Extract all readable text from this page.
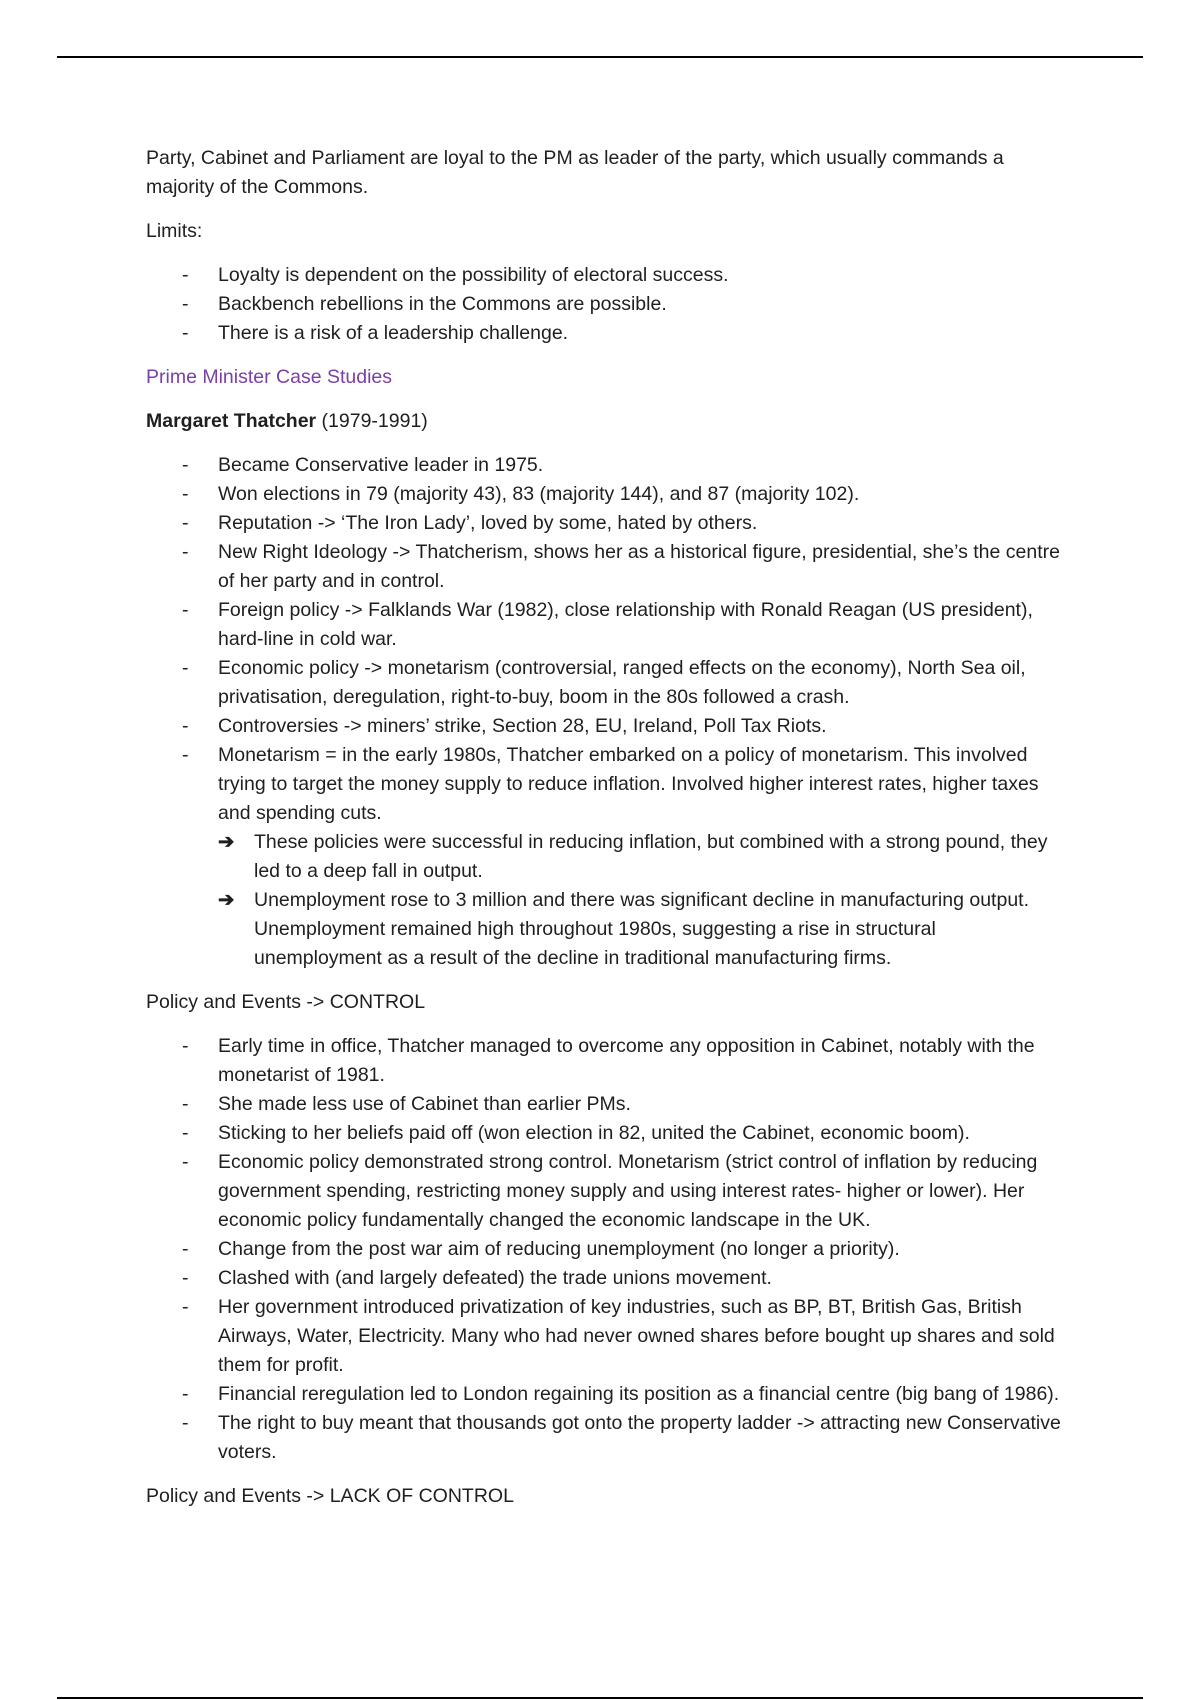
Party, Cabinet and Parliament are loyal to the PM as leader of the party, which usually commands a majority of the Commons.

Limits:

- Loyalty is dependent on the possibility of electoral success.
- Backbench rebellions in the Commons are possible.
- There is a risk of a leadership challenge.

Prime Minister Case Studies

Margaret Thatcher (1979-1991)

- Became Conservative leader in 1975.
- Won elections in 79 (majority 43), 83 (majority 144), and 87 (majority 102).
- Reputation -> ‘The Iron Lady’, loved by some, hated by others.
- New Right Ideology -> Thatcherism, shows her as a historical figure, presidential, she’s the centre of her party and in control.
- Foreign policy -> Falklands War (1982), close relationship with Ronald Reagan (US president), hard-line in cold war.
- Economic policy -> monetarism (controversial, ranged effects on the economy), North Sea oil, privatisation, deregulation, right-to-buy, boom in the 80s followed a crash.
- Controversies -> miners’ strike, Section 28, EU, Ireland, Poll Tax Riots.
- Monetarism = in the early 1980s, Thatcher embarked on a policy of monetarism. This involved trying to target the money supply to reduce inflation. Involved higher interest rates, higher taxes and spending cuts.
➔ These policies were successful in reducing inflation, but combined with a strong pound, they led to a deep fall in output.
➔ Unemployment rose to 3 million and there was significant decline in manufacturing output. Unemployment remained high throughout 1980s, suggesting a rise in structural unemployment as a result of the decline in traditional manufacturing firms.

Policy and Events -> CONTROL

- Early time in office, Thatcher managed to overcome any opposition in Cabinet, notably with the monetarist of 1981.
- She made less use of Cabinet than earlier PMs.
- Sticking to her beliefs paid off (won election in 82, united the Cabinet, economic boom).
- Economic policy demonstrated strong control. Monetarism (strict control of inflation by reducing government spending, restricting money supply and using interest rates- higher or lower). Her economic policy fundamentally changed the economic landscape in the UK.
- Change from the post war aim of reducing unemployment (no longer a priority).
- Clashed with (and largely defeated) the trade unions movement.
- Her government introduced privatization of key industries, such as BP, BT, British Gas, British Airways, Water, Electricity. Many who had never owned shares before bought up shares and sold them for profit.
- Financial reregulation led to London regaining its position as a financial centre (big bang of 1986).
- The right to buy meant that thousands got onto the property ladder -> attracting new Conservative voters.

Policy and Events -> LACK OF CONTROL
